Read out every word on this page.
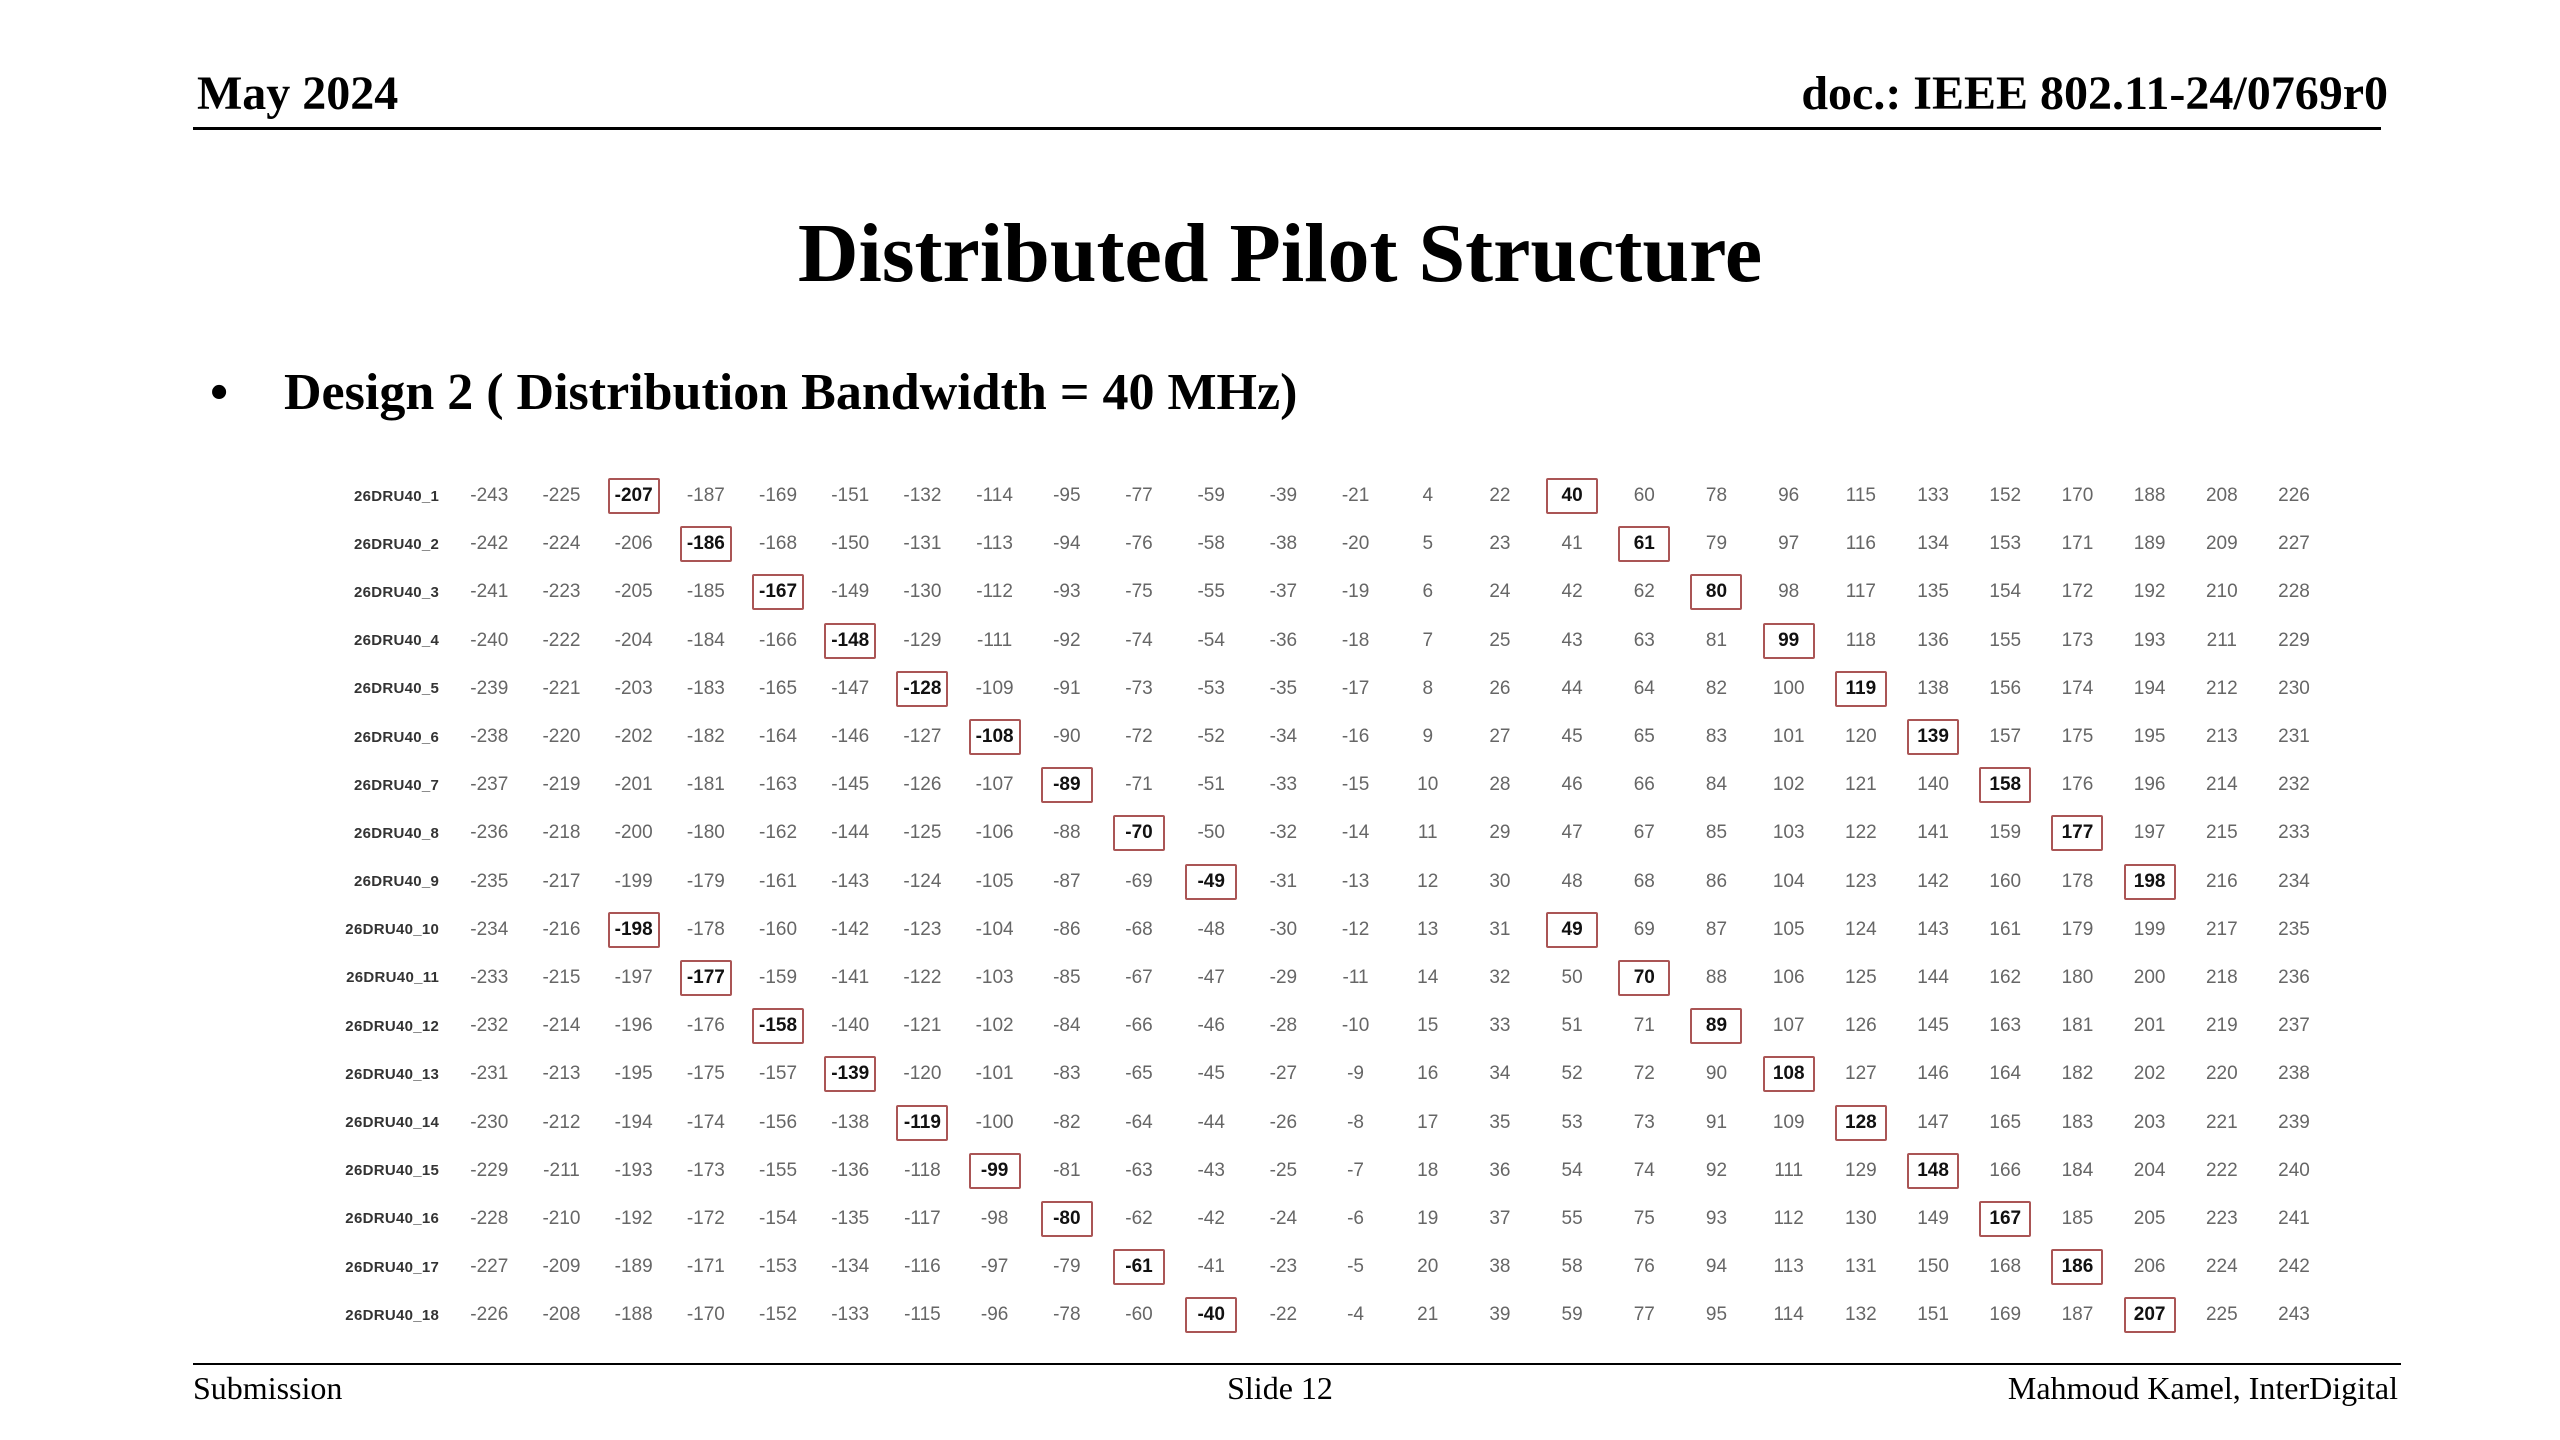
May 2024	doc.: IEEE 802.11-24/0769r0
Distributed Pilot Structure
• Design 2 ( Distribution Bandwidth = 40 MHz)
26DRU40_1	-243	-225	-207	-187	-169	-151	-132	-114	-95	-77	-59	-39	-21	4	22	40	60	78	96	115	133	152	170	188	208	226
26DRU40_2	-242	-224	-206	-186	-168	-150	-131	-113	-94	-76	-58	-38	-20	5	23	41	61	79	97	116	134	153	171	189	209	227
26DRU40_3	-241	-223	-205	-185	-167	-149	-130	-112	-93	-75	-55	-37	-19	6	24	42	62	80	98	117	135	154	172	192	210	228
26DRU40_4	-240	-222	-204	-184	-166	-148	-129	-111	-92	-74	-54	-36	-18	7	25	43	63	81	99	118	136	155	173	193	211	229
26DRU40_5	-239	-221	-203	-183	-165	-147	-128	-109	-91	-73	-53	-35	-17	8	26	44	64	82	100	119	138	156	174	194	212	230
26DRU40_6	-238	-220	-202	-182	-164	-146	-127	-108	-90	-72	-52	-34	-16	9	27	45	65	83	101	120	139	157	175	195	213	231
26DRU40_7	-237	-219	-201	-181	-163	-145	-126	-107	-89	-71	-51	-33	-15	10	28	46	66	84	102	121	140	158	176	196	214	232
26DRU40_8	-236	-218	-200	-180	-162	-144	-125	-106	-88	-70	-50	-32	-14	11	29	47	67	85	103	122	141	159	177	197	215	233
26DRU40_9	-235	-217	-199	-179	-161	-143	-124	-105	-87	-69	-49	-31	-13	12	30	48	68	86	104	123	142	160	178	198	216	234
26DRU40_10	-234	-216	-198	-178	-160	-142	-123	-104	-86	-68	-48	-30	-12	13	31	49	69	87	105	124	143	161	179	199	217	235
26DRU40_11	-233	-215	-197	-177	-159	-141	-122	-103	-85	-67	-47	-29	-11	14	32	50	70	88	106	125	144	162	180	200	218	236
26DRU40_12	-232	-214	-196	-176	-158	-140	-121	-102	-84	-66	-46	-28	-10	15	33	51	71	89	107	126	145	163	181	201	219	237
26DRU40_13	-231	-213	-195	-175	-157	-139	-120	-101	-83	-65	-45	-27	-9	16	34	52	72	90	108	127	146	164	182	202	220	238
26DRU40_14	-230	-212	-194	-174	-156	-138	-119	-100	-82	-64	-44	-26	-8	17	35	53	73	91	109	128	147	165	183	203	221	239
26DRU40_15	-229	-211	-193	-173	-155	-136	-118	-99	-81	-63	-43	-25	-7	18	36	54	74	92	111	129	148	166	184	204	222	240
26DRU40_16	-228	-210	-192	-172	-154	-135	-117	-98	-80	-62	-42	-24	-6	19	37	55	75	93	112	130	149	167	185	205	223	241
26DRU40_17	-227	-209	-189	-171	-153	-134	-116	-97	-79	-61	-41	-23	-5	20	38	58	76	94	113	131	150	168	186	206	224	242
26DRU40_18	-226	-208	-188	-170	-152	-133	-115	-96	-78	-60	-40	-22	-4	21	39	59	77	95	114	132	151	169	187	207	225	243
Submission	Slide 12	Mahmoud Kamel, InterDigital
